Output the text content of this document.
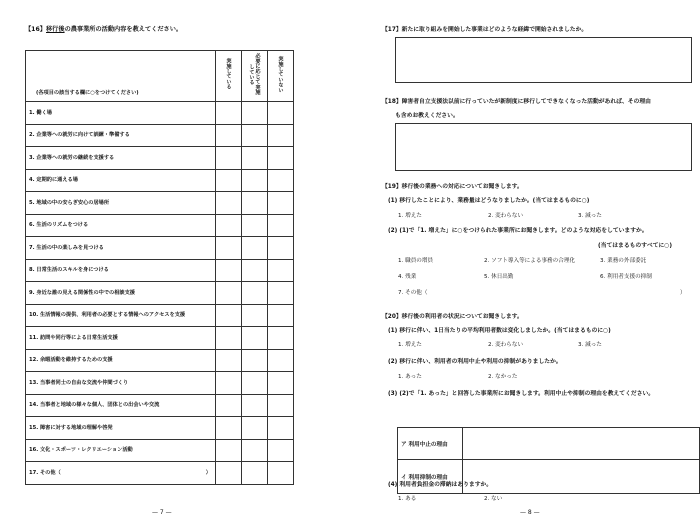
【16】移行後の農事業所の活動内容を教えてください。
(各項目の該当する欄に○をつけてください)	実施している	必要に応じて実施している	実施していない
1. 働く場			
2. 企業等への就労に向けて訓練・準備する			
3. 企業等への就労の継続を支援する			
4. 定期的に通える場			
5. 地域の中の安らぎ安心の居場所			
6. 生活のリズムをつける			
7. 生活の中の楽しみを見つける			
8. 日常生活のスキルを身につける			
9. 身近な誰の見える関係性の中での相談支援			
10. 生活情報の提供、利用者の必要とする情報へのアクセスを支援			
11. 訪問や同行等による日常生活支援			
12. 余暇活動を維持するための支援			
13. 当事者同士の自由な交流や仲間づくり			
14. 当事者と地域の様々な個人、団体との出会いや交流			
15. 障害に対する地域の理解や啓発			
16. 文化・スポーツ・レクリエーション活動			
17. その他（ ）			

— 7 —
【17】新たに取り組みを開始した事業はどのような経緯で開始されましたか。
【18】障害者自立支援法以前に行っていたが新制度に移行してできなくなった活動があれば、その理由
も含めお教えください。
【19】移行後の業務への対応についてお聞きします。
(1) 移行したことにより、業務量はどうなりましたか。(当てはまるものに○)
1. 増えた	2. 変わらない	3. 減った
(2) (1)で「1. 増えた」に○をつけられた事業所にお聞きします。どのような対応をしていますか。
(当てはまるものすべてに○)
1. 職員の増員	2. ソフト導入等による事務の合理化	3. 業務の外部委託
4. 残業	5. 休日出勤	6. 利用者支援の抑制
7. その他（	）
【20】移行後の利用者の状況についてお聞きします。
(1) 移行に伴い、1日当たりの平均利用者数は変化しましたか。(当てはまるものに○)
1. 増えた	2. 変わらない	3. 減った
(2) 移行に伴い、利用者の利用中止や利用の抑制がありましたか。
1. あった	2. なかった
(3) (2)で「1. あった」と回答した事業所にお聞きします。利用中止や抑制の理由を教えてください。
ア 利用中止の理由	
イ 利用抑制の理由	
(4) 利用者負担金の滞納はありますか。
1. ある	2. ない
— 8 —
